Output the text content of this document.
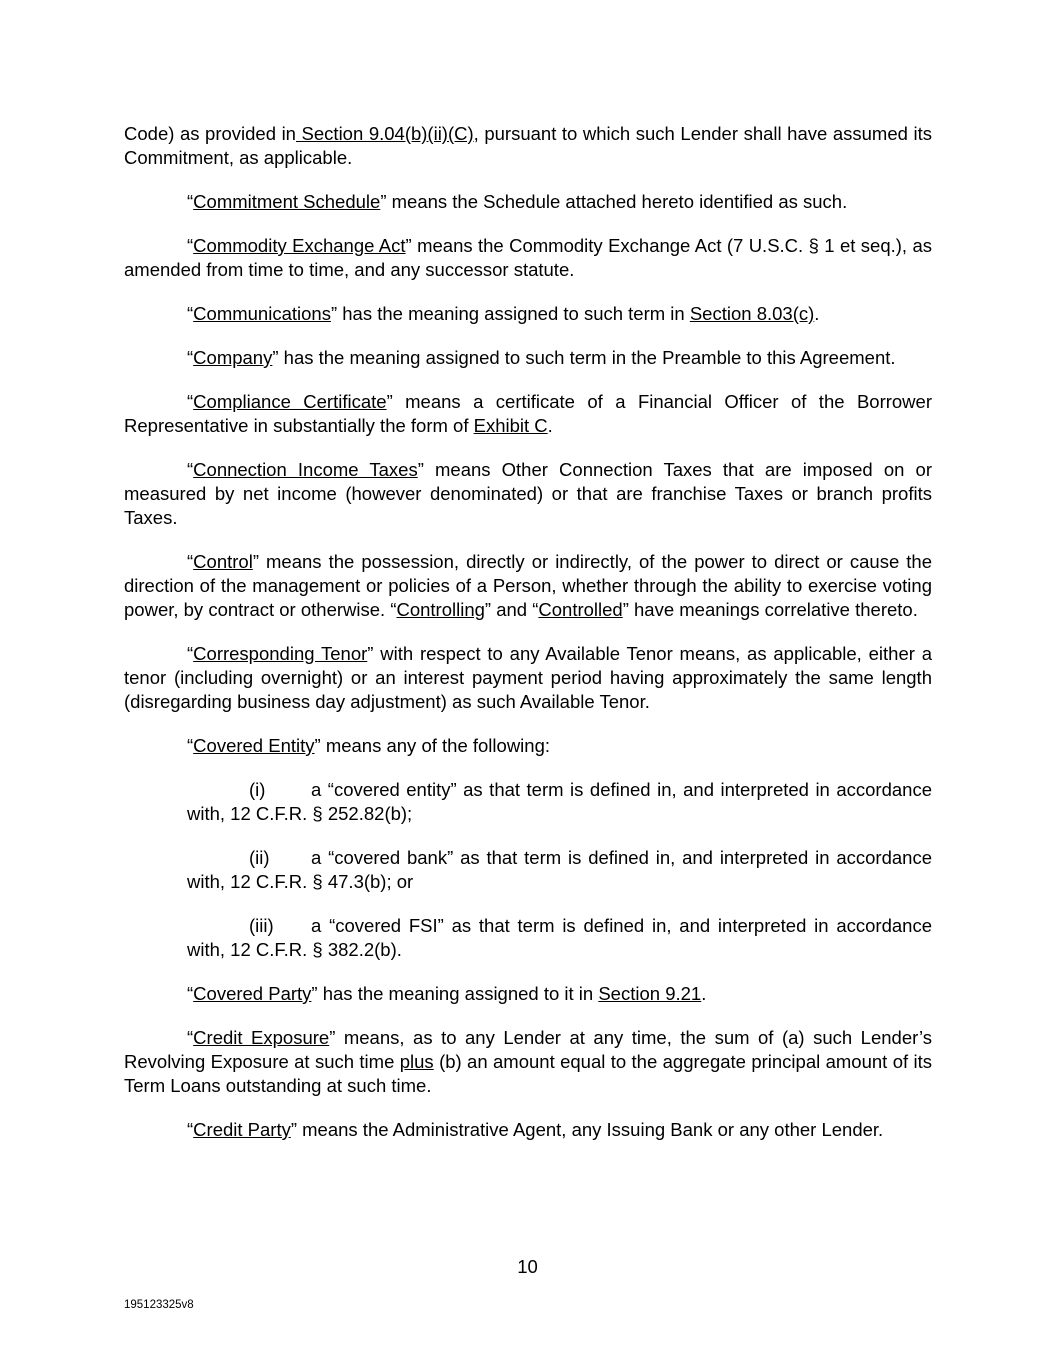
Code) as provided in Section 9.04(b)(ii)(C), pursuant to which such Lender shall have assumed its Commitment, as applicable.

“Commitment Schedule” means the Schedule attached hereto identified as such.

“Commodity Exchange Act” means the Commodity Exchange Act (7 U.S.C. § 1 et seq.), as amended from time to time, and any successor statute.

“Communications” has the meaning assigned to such term in Section 8.03(c).

“Company” has the meaning assigned to such term in the Preamble to this Agreement.

“Compliance Certificate” means a certificate of a Financial Officer of the Borrower Representative in substantially the form of Exhibit C.

“Connection Income Taxes” means Other Connection Taxes that are imposed on or measured by net income (however denominated) or that are franchise Taxes or branch profits Taxes.

“Control” means the possession, directly or indirectly, of the power to direct or cause the direction of the management or policies of a Person, whether through the ability to exercise voting power, by contract or otherwise. “Controlling” and “Controlled” have meanings correlative thereto.

“Corresponding Tenor” with respect to any Available Tenor means, as applicable, either a tenor (including overnight) or an interest payment period having approximately the same length (disregarding business day adjustment) as such Available Tenor.

“Covered Entity” means any of the following:

(i) a “covered entity” as that term is defined in, and interpreted in accordance with, 12 C.F.R. § 252.82(b);

(ii) a “covered bank” as that term is defined in, and interpreted in accordance with, 12 C.F.R. § 47.3(b); or

(iii) a “covered FSI” as that term is defined in, and interpreted in accordance with, 12 C.F.R. § 382.2(b).

“Covered Party” has the meaning assigned to it in Section 9.21.

“Credit Exposure” means, as to any Lender at any time, the sum of (a) such Lender’s Revolving Exposure at such time plus (b) an amount equal to the aggregate principal amount of its Term Loans outstanding at such time.

“Credit Party” means the Administrative Agent, any Issuing Bank or any other Lender.

10
195123325v8
